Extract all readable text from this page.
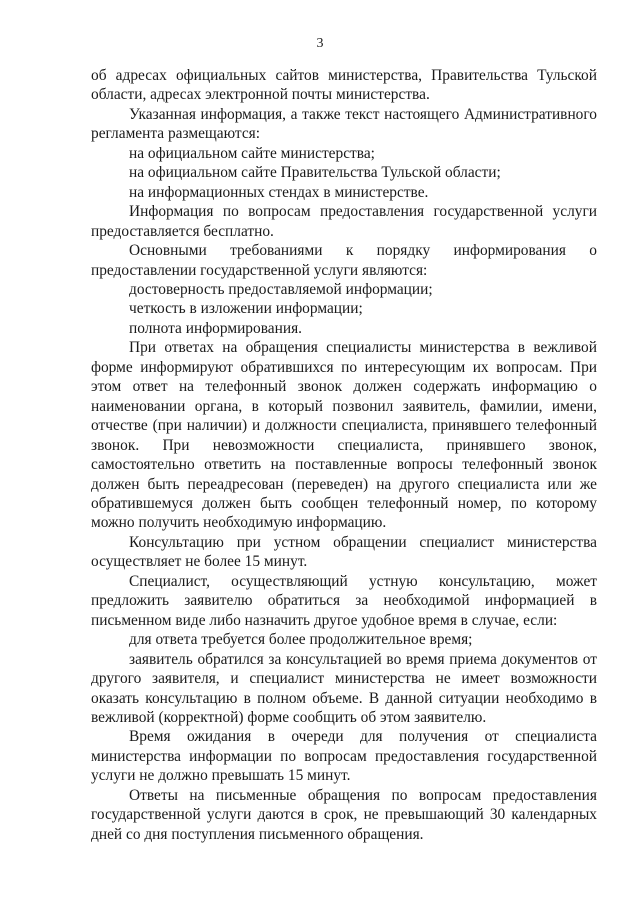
3

об адресах официальных сайтов министерства, Правительства Тульской области, адресах электронной почты министерства.

Указанная информация, а также текст настоящего Административного регламента размещаются:

на официальном сайте министерства;

на официальном сайте Правительства Тульской области;

на информационных стендах в министерстве.

Информация по вопросам предоставления государственной услуги предоставляется бесплатно.

Основными требованиями к порядку информирования о предоставлении государственной услуги являются:

достоверность предоставляемой информации;

четкость в изложении информации;

полнота информирования.

При ответах на обращения специалисты министерства в вежливой форме информируют обратившихся по интересующим их вопросам. При этом ответ на телефонный звонок должен содержать информацию о наименовании органа, в который позвонил заявитель, фамилии, имени, отчестве (при наличии) и должности специалиста, принявшего телефонный звонок. При невозможности специалиста, принявшего звонок, самостоятельно ответить на поставленные вопросы телефонный звонок должен быть переадресован (переведен) на другого специалиста или же обратившемуся должен быть сообщен телефонный номер, по которому можно получить необходимую информацию.

Консультацию при устном обращении специалист министерства осуществляет не более 15 минут.

Специалист, осуществляющий устную консультацию, может предложить заявителю обратиться за необходимой информацией в письменном виде либо назначить другое удобное время в случае, если:

для ответа требуется более продолжительное время;

заявитель обратился за консультацией во время приема документов от другого заявителя, и специалист министерства не имеет возможности оказать консультацию в полном объеме. В данной ситуации необходимо в вежливой (корректной) форме сообщить об этом заявителю.

Время ожидания в очереди для получения от специалиста министерства информации по вопросам предоставления государственной услуги не должно превышать 15 минут.

Ответы на письменные обращения по вопросам предоставления государственной услуги даются в срок, не превышающий 30 календарных дней со дня поступления письменного обращения.
